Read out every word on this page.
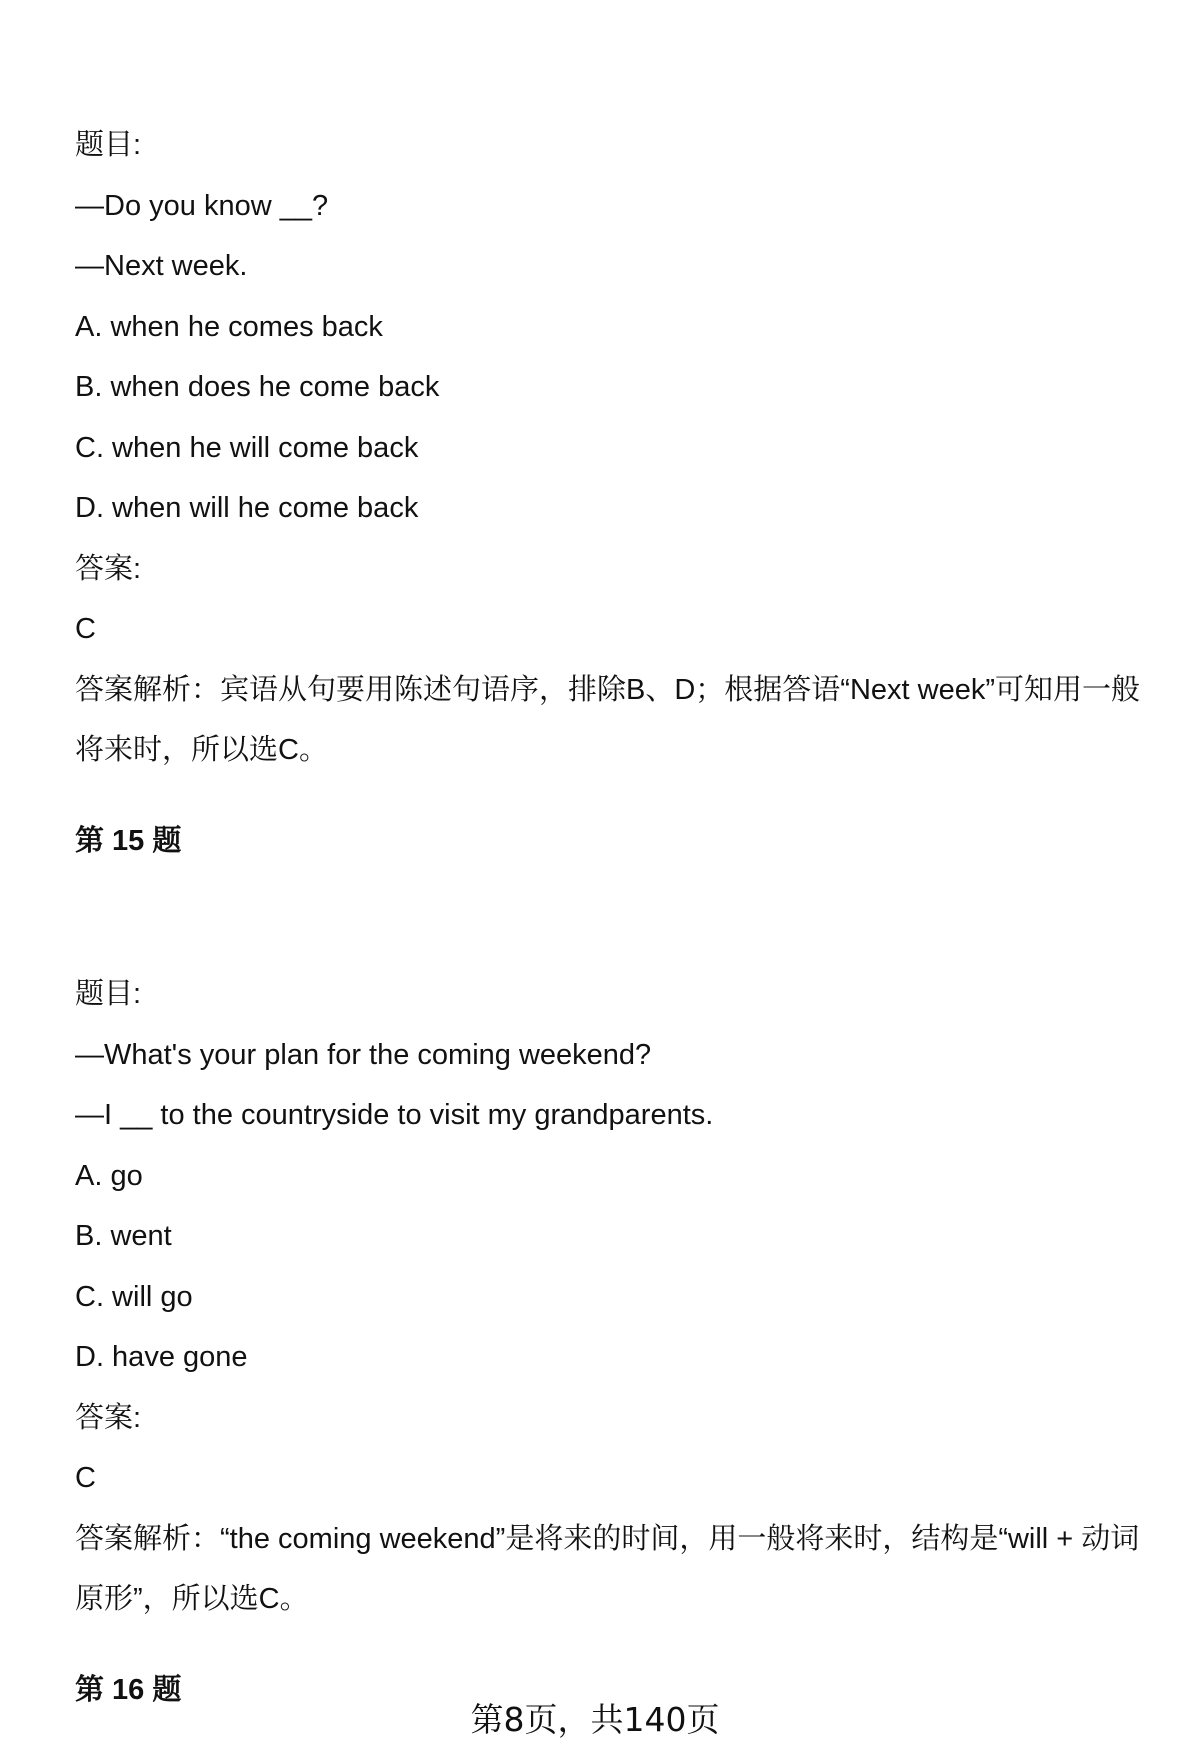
题目:
—Do you know __?
—Next week.
A. when he comes back
B. when does he come back
C. when he will come back
D. when will he come back
答案:
C
答案解析：宾语从句要用陈述句语序，排除B、D；根据答语“Next week”可知用一般将来时，所以选C。
第 15 题
题目:
—What's your plan for the coming weekend?
—I __ to the countryside to visit my grandparents.
A. go
B. went
C. will go
D. have gone
答案:
C
答案解析：“the coming weekend”是将来的时间，用一般将来时，结构是“will + 动词原形”，所以选C。
第 16 题
第8页，共140页
